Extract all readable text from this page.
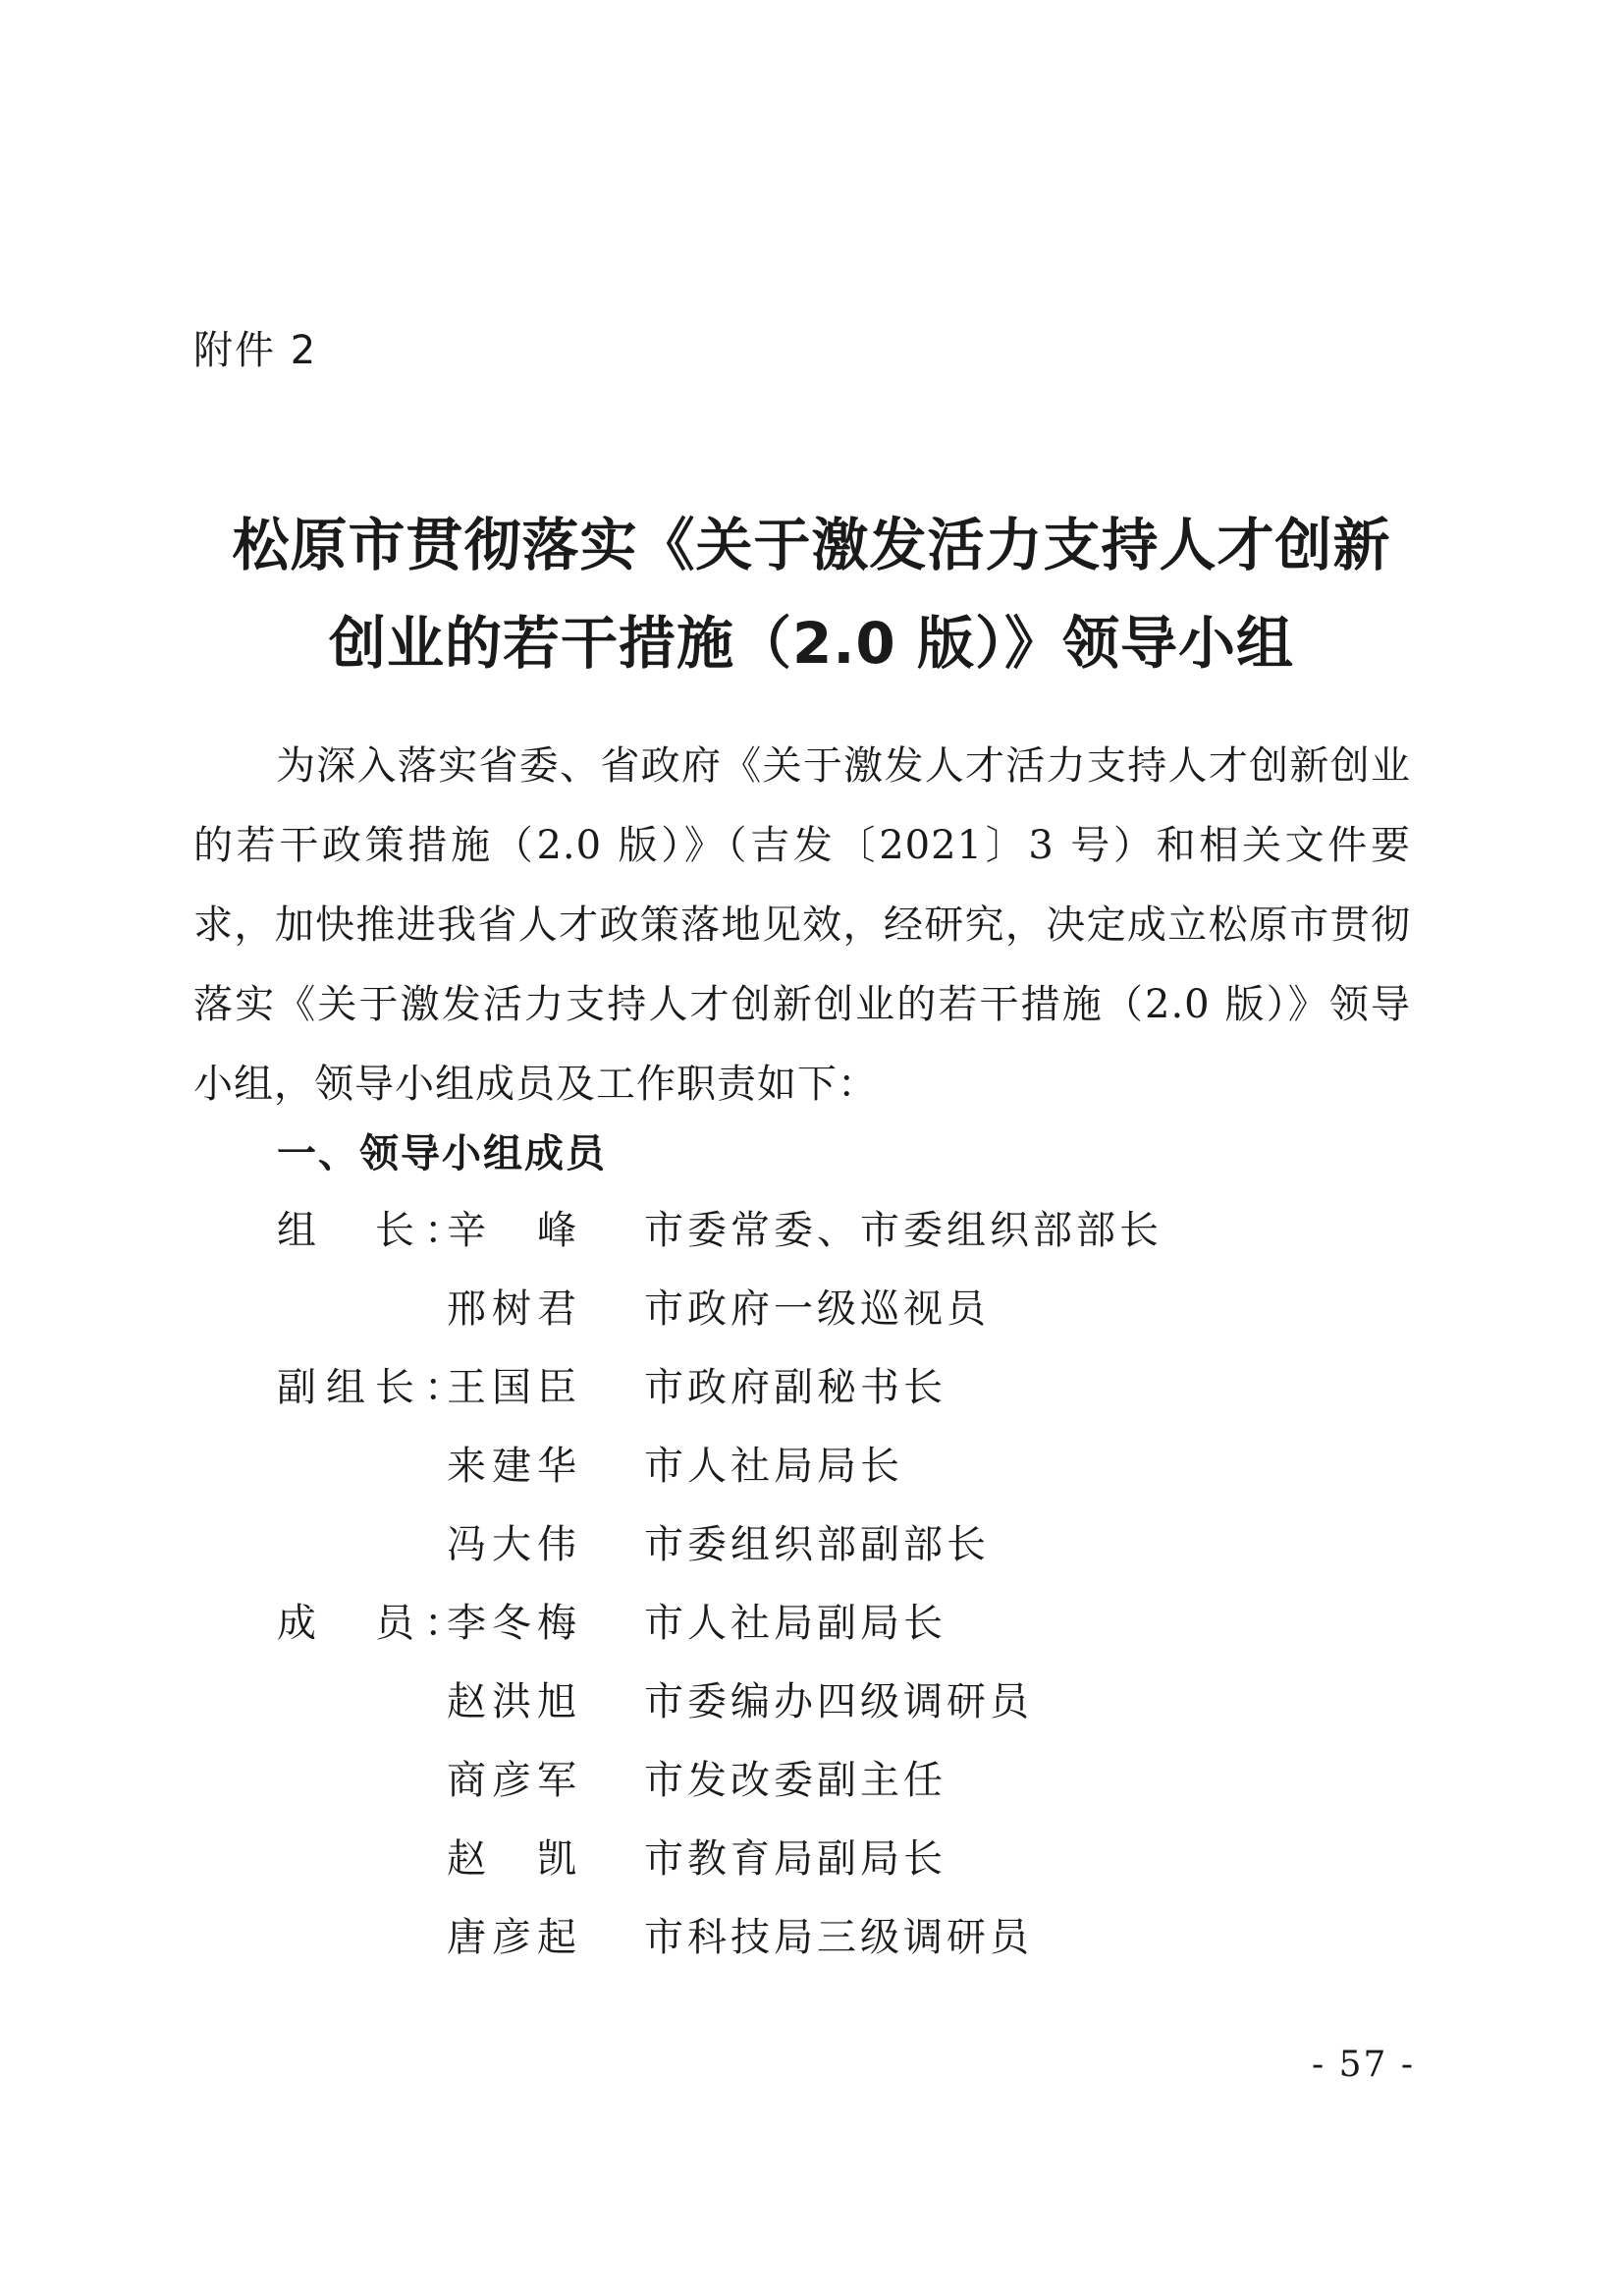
附件 2
松原市贯彻落实《关于激发活力支持人才创新
创业的若干措施（2.0 版）》领导小组
为深入落实省委、省政府《关于激发人才活力支持人才创新创业的若干政策措施（2.0 版）》（吉发〔2021〕3 号）和相关文件要求，加快推进我省人才政策落地见效，经研究，决定成立松原市贯彻落实《关于激发活力支持人才创新创业的若干措施（2.0 版）》领导小组，领导小组成员及工作职责如下：
一、领导小组成员
组　长：
辛　峰 市委常委、市委组织部部长
邢树君 市政府一级巡视员
副组长：
王国臣 市政府副秘书长
来建华 市人社局局长
冯大伟 市委组织部副部长
成　员：
李冬梅 市人社局副局长
赵洪旭 市委编办四级调研员
商彦军 市发改委副主任
赵　凯 市教育局副局长
唐彦起 市科技局三级调研员
- 57 -
